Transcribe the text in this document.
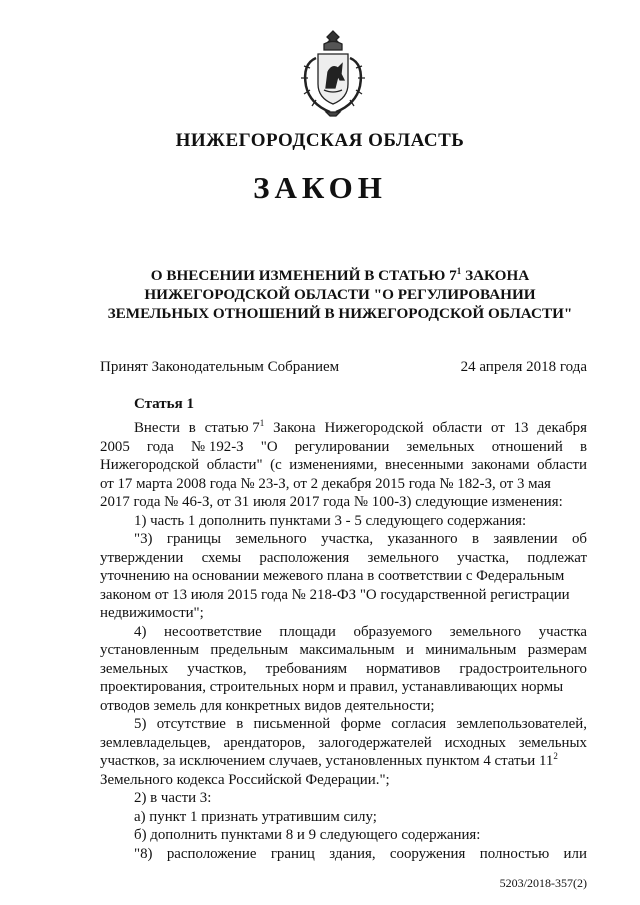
НИЖЕГОРОДСКАЯ ОБЛАСТЬ
ЗАКОН
О ВНЕСЕНИИ ИЗМЕНЕНИЙ В СТАТЬЮ $7^1$ ЗАКОНА
НИЖЕГОРОДСКОЙ ОБЛАСТИ "О РЕГУЛИРОВАНИИ
ЗЕМЕЛЬНЫХ ОТНОШЕНИЙ В НИЖЕГОРОДСКОЙ ОБЛАСТИ"
Принят Законодательным Собранием	24 апреля 2018 года
Статья 1
Внести в статью $7^1$ Закона Нижегородской области от 13 декабря
2005 года № 192-З "О регулировании земельных отношений в
Нижегородской области" (с изменениями, внесенными законами области
от 17 марта 2008 года № 23-З, от 2 декабря 2015 года № 182-З, от 3 мая
2017 года № 46-З, от 31 июля 2017 года № 100-З) следующие изменения:
1) часть 1 дополнить пунктами 3 - 5 следующего содержания:
"3) границы земельного участка, указанного в заявлении об
утверждении схемы расположения земельного участка, подлежат
уточнению на основании межевого плана в соответствии с Федеральным
законом от 13 июля 2015 года № 218-ФЗ "О государственной регистрации
недвижимости";
4) несоответствие площади образуемого земельного участка
установленным предельным максимальным и минимальным размерам
земельных участков, требованиям нормативов градостроительного
проектирования, строительных норм и правил, устанавливающих нормы
отводов земель для конкретных видов деятельности;
5) отсутствие в письменной форме согласия землепользователей,
землевладельцев, арендаторов, залогодержателей исходных земельных
участков, за исключением случаев, установленных пунктом 4 статьи $11^2$
Земельного кодекса Российской Федерации.";
2) в части 3:
а) пункт 1 признать утратившим силу;
б) дополнить пунктами 8 и 9 следующего содержания:
"8) расположение границ здания, сооружения полностью или
5203/2018-357(2)
